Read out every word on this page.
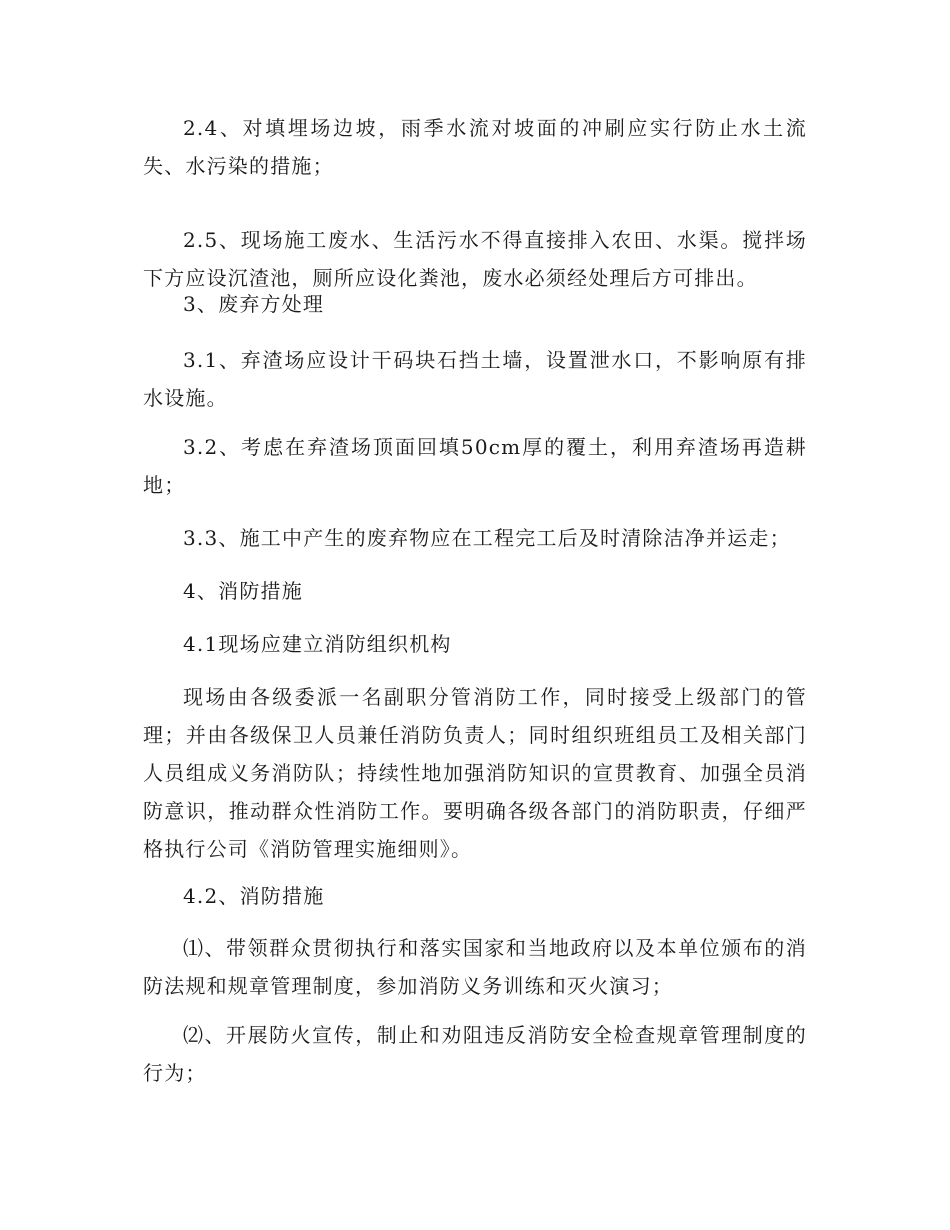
2.4、对填埋场边坡，雨季水流对坡面的冲刷应实行防止水土流失、水污染的措施；

2.5、现场施工废水、生活污水不得直接排入农田、水渠。搅拌场下方应设沉渣池，厕所应设化粪池，废水必须经处理后方可排出。

3、废弃方处理

3.1、弃渣场应设计干码块石挡土墙，设置泄水口，不影响原有排水设施。

3.2、考虑在弃渣场顶面回填50cm厚的覆土，利用弃渣场再造耕地；

3.3、施工中产生的废弃物应在工程完工后及时清除洁净并运走；

4、消防措施

4.1现场应建立消防组织机构

现场由各级委派一名副职分管消防工作，同时接受上级部门的管理；并由各级保卫人员兼任消防负责人；同时组织班组员工及相关部门人员组成义务消防队；持续性地加强消防知识的宣贯教育、加强全员消防意识，推动群众性消防工作。要明确各级各部门的消防职责，仔细严格执行公司《消防管理实施细则》。

4.2、消防措施

⑴、带领群众贯彻执行和落实国家和当地政府以及本单位颁布的消防法规和规章管理制度，参加消防义务训练和灭火演习；

⑵、开展防火宣传，制止和劝阻违反消防安全检查规章管理制度的行为；
